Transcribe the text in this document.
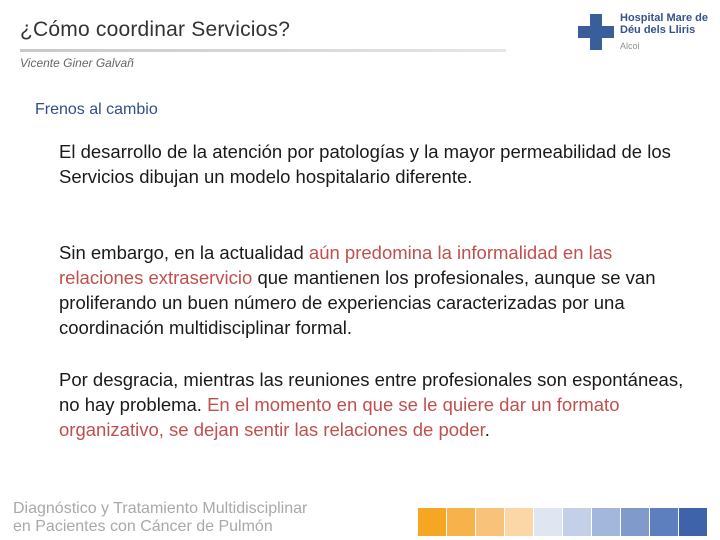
¿Cómo coordinar Servicios?
Vicente Giner Galvañ
Hospital Mare de
Déu dels Lliris
Alcoi
Frenos al cambio
El desarrollo de la atención por patologías y la mayor permeabilidad de los Servicios dibujan un modelo hospitalario diferente.
Sin embargo, en la actualidad aún predomina la informalidad en las relaciones extraservicio que mantienen los profesionales, aunque se van proliferando un buen número de experiencias caracterizadas por una coordinación multidisciplinar formal.
Por desgracia, mientras las reuniones entre profesionales son espontáneas, no hay problema. En el momento en que se le quiere dar un formato organizativo, se dejan sentir las relaciones de poder.
Diagnóstico y Tratamiento Multidisciplinar
en Pacientes con Cáncer de Pulmón
